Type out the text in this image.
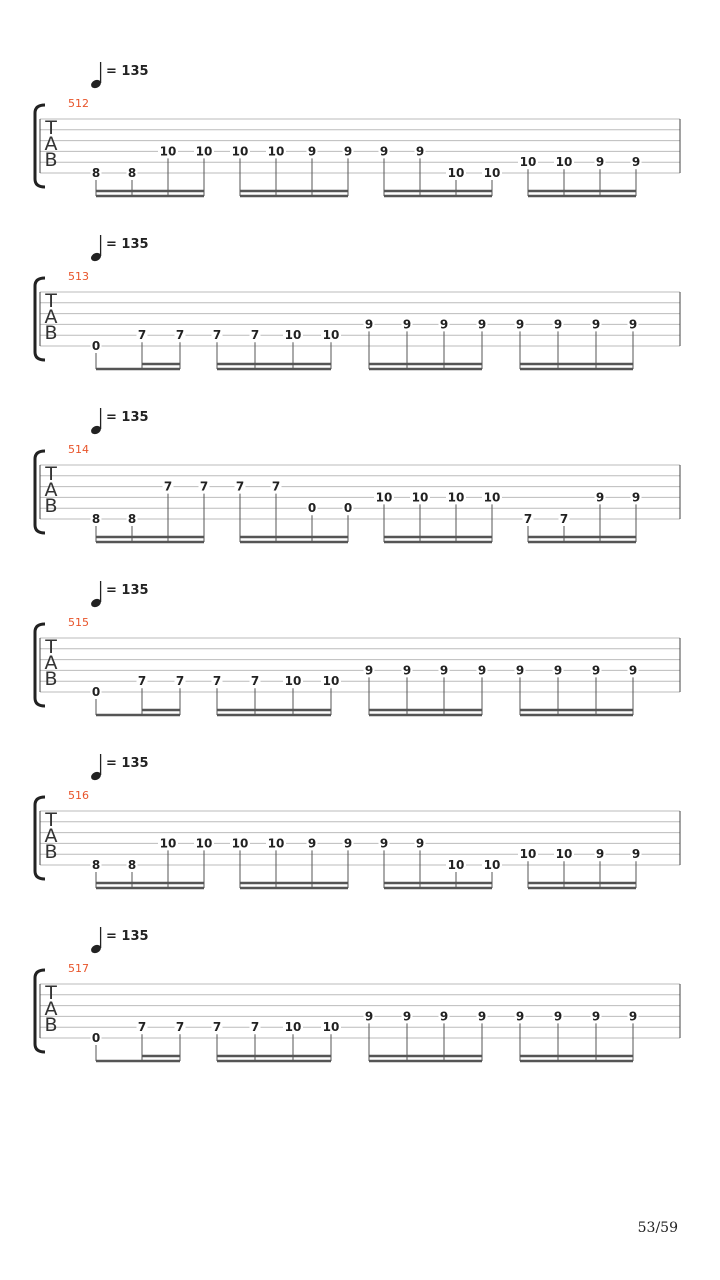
= 135
512
T
A
B
8 8
10 10 10 10 9 9 9 9
10 10
10 10 9 9
= 135
513
T
A
B
0
7 7 7 7 10 10
9 9 9 9 9 9 9 9
= 135
514
T
A
B
8 8
7 7 7 7
0 0
10 10 10 10
7 7
9 9
= 135
515
T
A
B
0
7 7 7 7 10 10
9 9 9 9 9 9 9 9
= 135
516
T
A
B
8 8
10 10 10 10 9 9 9 9
10 10
10 10 9 9
= 135
517
T
A
B
0
7 7 7 7 10 10
9 9 9 9 9 9 9 9
53/59
